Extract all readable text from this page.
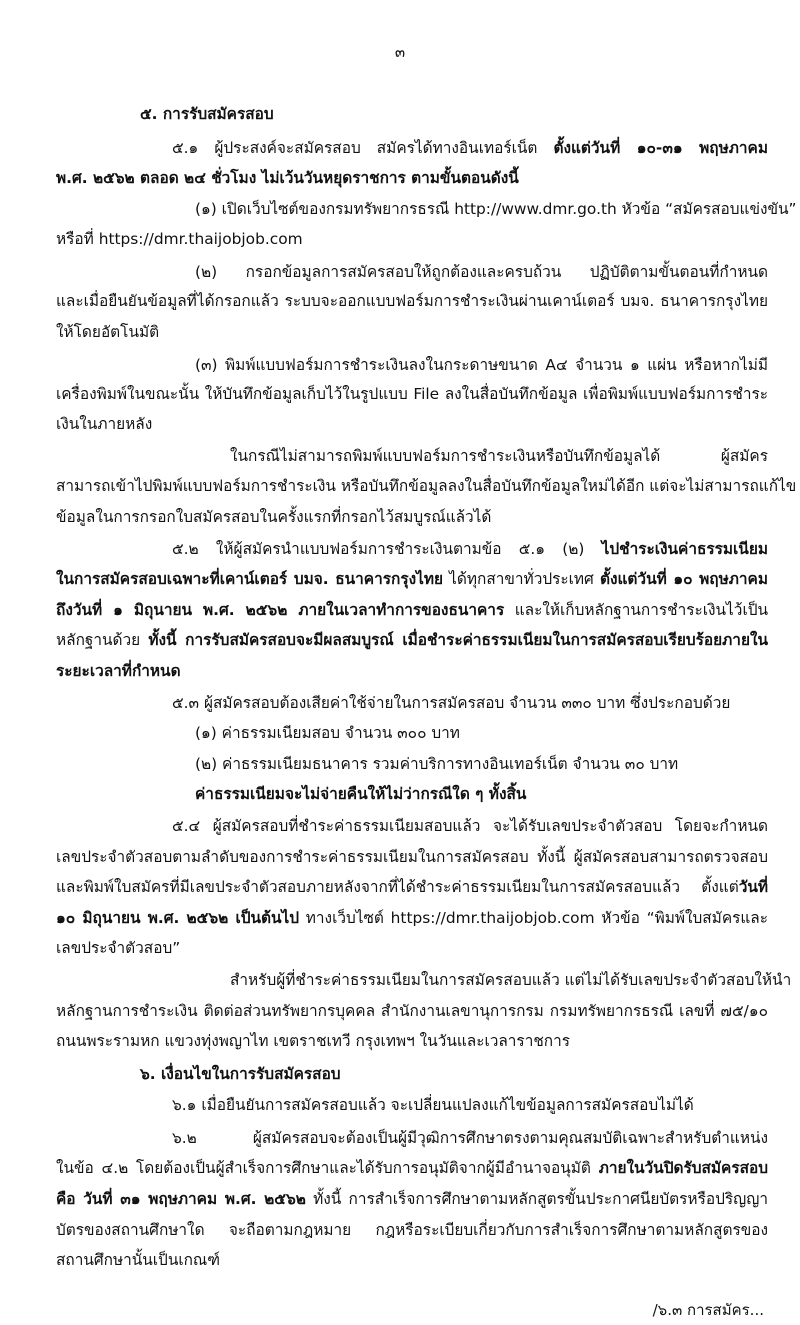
๓
๕. การรับสมัครสอบ
๕.๑ ผู้ประสงค์จะสมัครสอบ สมัครได้ทางอินเทอร์เน็ต ตั้งแต่วันที่ ๑๐-๓๑ พฤษภาคม
พ.ศ. ๒๕๖๒ ตลอด ๒๔ ชั่วโมง ไม่เว้นวันหยุดราชการ ตามขั้นตอนดังนี้
(๑) เปิดเว็บไซต์ของกรมทรัพยากรธรณี http://www.dmr.go.th หัวข้อ “สมัครสอบแข่งขัน”
หรือที่ https://dmr.thaijobjob.com
(๒) กรอกข้อมูลการสมัครสอบให้ถูกต้องและครบถ้วน ปฏิบัติตามขั้นตอนที่กำหนด
และเมื่อยืนยันข้อมูลที่ได้กรอกแล้ว ระบบจะออกแบบฟอร์มการชำระเงินผ่านเคาน์เตอร์ บมจ. ธนาคารกรุงไทย
ให้โดยอัตโนมัติ
(๓) พิมพ์แบบฟอร์มการชำระเงินลงในกระดาษขนาด A๔ จำนวน ๑ แผ่น หรือหากไม่มี
เครื่องพิมพ์ในขณะนั้น ให้บันทึกข้อมูลเก็บไว้ในรูปแบบ File ลงในสื่อบันทึกข้อมูล เพื่อพิมพ์แบบฟอร์มการชำระ
เงินในภายหลัง
ในกรณีไม่สามารถพิมพ์แบบฟอร์มการชำระเงินหรือบันทึกข้อมูลได้ ผู้สมัคร
สามารถเข้าไปพิมพ์แบบฟอร์มการชำระเงิน หรือบันทึกข้อมูลลงในสื่อบันทึกข้อมูลใหม่ได้อีก แต่จะไม่สามารถแก้ไข
ข้อมูลในการกรอกใบสมัครสอบในครั้งแรกที่กรอกไว้สมบูรณ์แล้วได้
๕.๒ ให้ผู้สมัครนำแบบฟอร์มการชำระเงินตามข้อ ๕.๑ (๒) ไปชำระเงินค่าธรรมเนียม
ในการสมัครสอบเฉพาะที่เคาน์เตอร์ บมจ. ธนาคารกรุงไทย ได้ทุกสาขาทั่วประเทศ ตั้งแต่วันที่ ๑๐ พฤษภาคม
ถึงวันที่ ๑ มิถุนายน พ.ศ. ๒๕๖๒ ภายในเวลาทำการของธนาคาร และให้เก็บหลักฐานการชำระเงินไว้เป็น
หลักฐานด้วย ทั้งนี้ การรับสมัครสอบจะมีผลสมบูรณ์ เมื่อชำระค่าธรรมเนียมในการสมัครสอบเรียบร้อยภายใน
ระยะเวลาที่กำหนด
๕.๓ ผู้สมัครสอบต้องเสียค่าใช้จ่ายในการสมัครสอบ จำนวน ๓๓๐ บาท ซึ่งประกอบด้วย
(๑) ค่าธรรมเนียมสอบ จำนวน ๓๐๐ บาท
(๒) ค่าธรรมเนียมธนาคาร รวมค่าบริการทางอินเทอร์เน็ต จำนวน ๓๐ บาท
ค่าธรรมเนียมจะไม่จ่ายคืนให้ไม่ว่ากรณีใด ๆ ทั้งสิ้น
๕.๔ ผู้สมัครสอบที่ชำระค่าธรรมเนียมสอบแล้ว จะได้รับเลขประจำตัวสอบ โดยจะกำหนด
เลขประจำตัวสอบตามลำดับของการชำระค่าธรรมเนียมในการสมัครสอบ ทั้งนี้ ผู้สมัครสอบสามารถตรวจสอบ
และพิมพ์ใบสมัครที่มีเลขประจำตัวสอบภายหลังจากที่ได้ชำระค่าธรรมเนียมในการสมัครสอบแล้ว ตั้งแต่วันที่
๑๐ มิถุนายน พ.ศ. ๒๕๖๒ เป็นต้นไป ทางเว็บไซต์ https://dmr.thaijobjob.com หัวข้อ “พิมพ์ใบสมัครและ
เลขประจำตัวสอบ”
สำหรับผู้ที่ชำระค่าธรรมเนียมในการสมัครสอบแล้ว แต่ไม่ได้รับเลขประจำตัวสอบให้นำ
หลักฐานการชำระเงิน ติดต่อส่วนทรัพยากรบุคคล สำนักงานเลขานุการกรม กรมทรัพยากรธรณี เลขที่ ๗๕/๑๐
ถนนพระรามหก แขวงทุ่งพญาไท เขตราชเทวี กรุงเทพฯ ในวันและเวลาราชการ
๖. เงื่อนไขในการรับสมัครสอบ
๖.๑ เมื่อยืนยันการสมัครสอบแล้ว จะเปลี่ยนแปลงแก้ไขข้อมูลการสมัครสอบไม่ได้
๖.๒ ผู้สมัครสอบจะต้องเป็นผู้มีวุฒิการศึกษาตรงตามคุณสมบัติเฉพาะสำหรับตำแหน่ง
ในข้อ ๔.๒ โดยต้องเป็นผู้สำเร็จการศึกษาและได้รับการอนุมัติจากผู้มีอำนาจอนุมัติ ภายในวันปิดรับสมัครสอบ
คือ วันที่ ๓๑ พฤษภาคม พ.ศ. ๒๕๖๒ ทั้งนี้ การสำเร็จการศึกษาตามหลักสูตรขั้นประกาศนียบัตรหรือปริญญา
บัตรของสถานศึกษาใด จะถือตามกฎหมาย กฎหรือระเบียบเกี่ยวกับการสำเร็จการศึกษาตามหลักสูตรของ
สถานศึกษานั้นเป็นเกณฑ์
/๖.๓ การสมัคร...
